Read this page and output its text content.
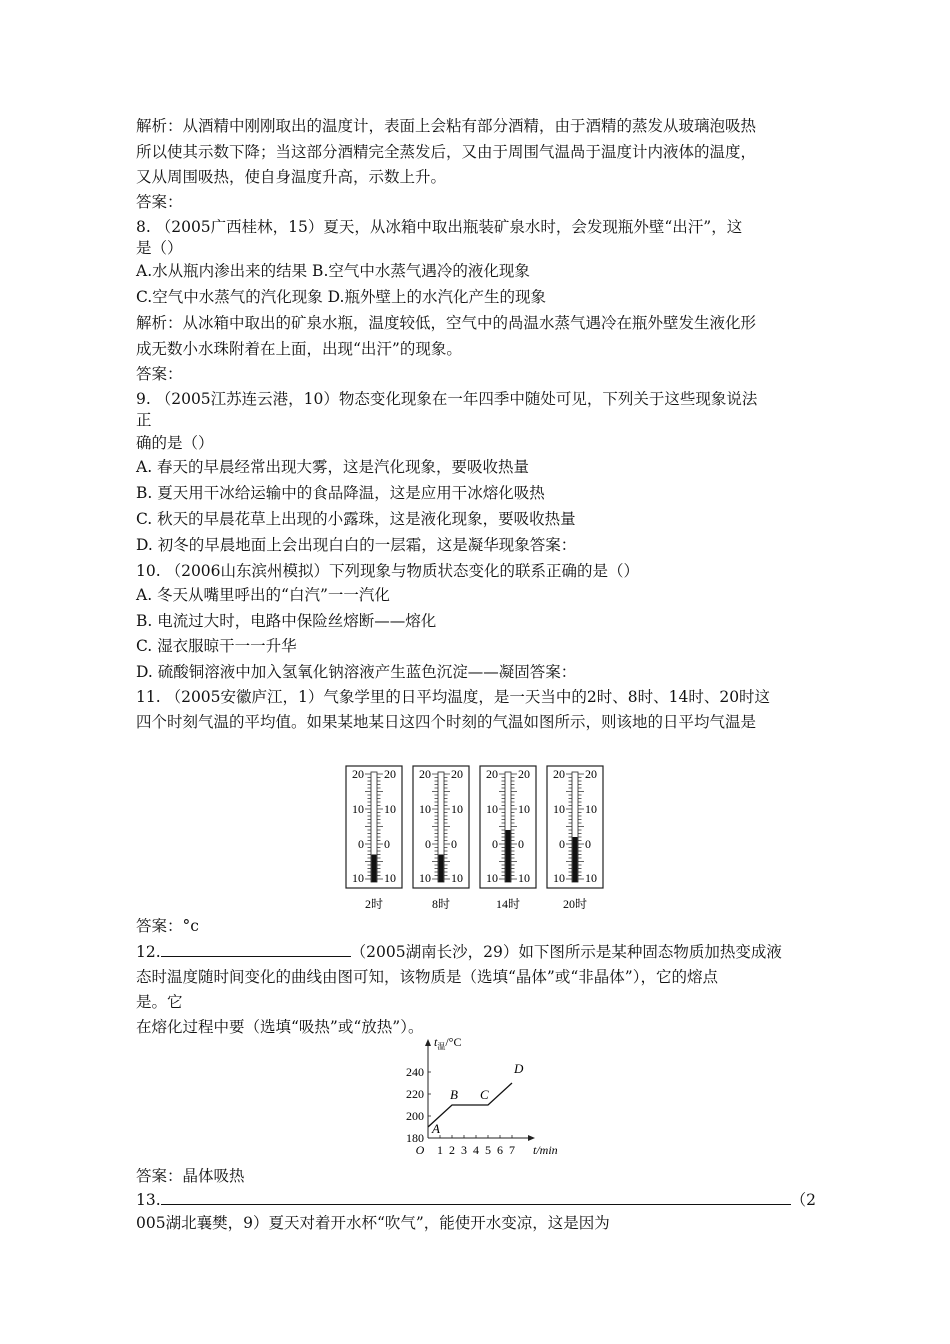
解析：从酒精中刚刚取出的温度计，表面上会粘有部分酒精，由于酒精的蒸发从玻璃泡吸热
所以使其示数下降；当这部分酒精完全蒸发后，又由于周围气温咼于温度计内液体的温度，
又从周围吸热，使自身温度升高，示数上升。
答案：
8. （2005广西桂林，15）夏天，从冰箱中取出瓶装矿泉水时，会发现瓶外壁“出汗”，这
是（）
A.水从瓶内渗出来的结果 B.空气中水蒸气遇冷的液化现象
C.空气中水蒸气的汽化现象 D.瓶外壁上的水汽化产生的现象
解析：从冰箱中取出的矿泉水瓶，温度较低，空气中的咼温水蒸气遇冷在瓶外壁发生液化形
成无数小水珠附着在上面，出现“出汗”的现象。
答案：
9. （2005江苏连云港，10）物态变化现象在一年四季中随处可见，下列关于这些现象说法
正
确的是（）
A. 春天的早晨经常出现大雾，这是汽化现象，要吸收热量
B. 夏天用干冰给运输中的食品降温，这是应用干冰熔化吸热
C. 秋天的早晨花草上出现的小露珠，这是液化现象，要吸收热量
D. 初冬的早晨地面上会出现白白的一层霜，这是凝华现象答案：
10. （2006山东滨州模拟）下列现象与物质状态变化的联系正确的是（）
A. 冬天从嘴里呼出的“白汽”一一汽化
B. 电流过大时，电路中保险丝熔断——熔化
C. 湿衣服晾干一一升华
D. 硫酸铜溶液中加入氢氧化钠溶液产生蓝色沉淀——凝固答案：
11. （2005安徽庐江，1）气象学里的日平均温度，是一天当中的2时、8时、14时、20时这
四个时刻气温的平均值。如果某地某日这四个时刻的气温如图所示，则该地的日平均气温是
答案：°c
12.	（2005湖南长沙，29）如下图所示是某种固态物质加热变成液
态时温度随时间变化的曲线由图可知，该物质是（选填“晶体”或“非晶体”），它的熔点
是。它
在熔化过程中要（选填“吸热”或“放热”）。
答案：晶体吸热
13.	（2
005湖北襄樊，9）夏天对着开水杯“吹气”，能使开水变凉，这是因为
20 20
10 10
0 0
10 10
2时
20 20
10 10
0 0
10 10
8时
20 20
10 10
0 0
10 10
14时
20 20
10 10
0 0
10 10
20时
$t_温/^\circ C$
180
200
220
240
1 2 3 4 5 6 7
O	t/min
A
B C
D
